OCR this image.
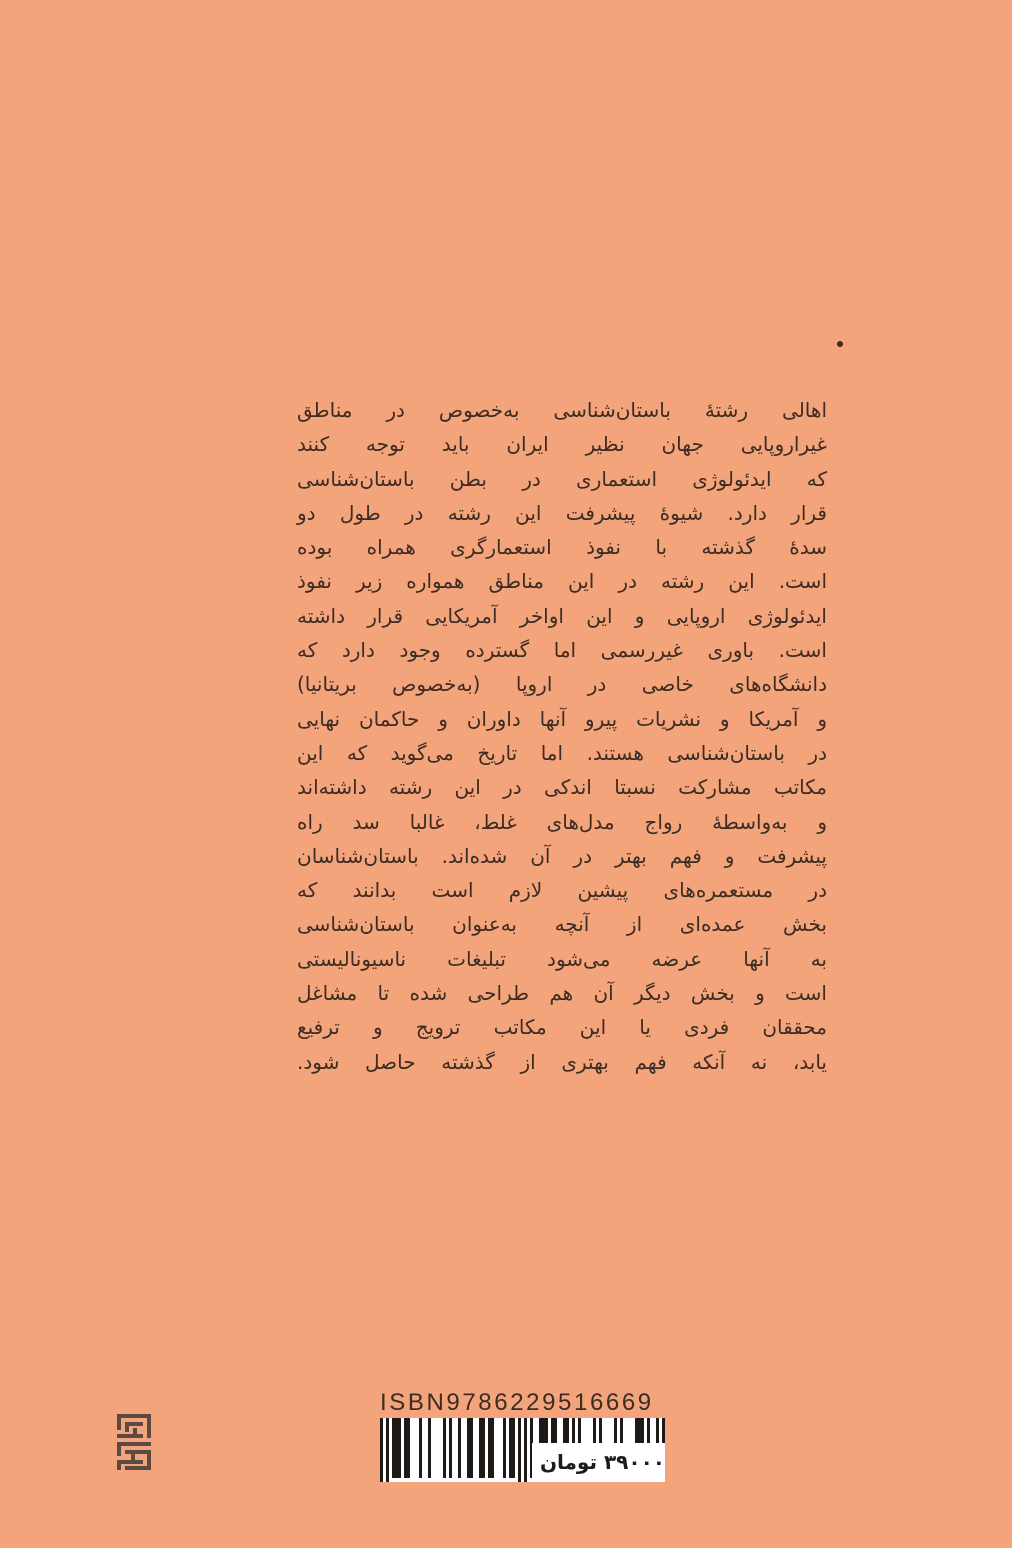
اهالی رشتهٔ باستان‌شناسی به‌خصوص در مناطق
غیراروپایی جهان نظیر ایران باید توجه کنند
که ایدئولوژی استعماری در بطن باستان‌شناسی
قرار دارد. شیوهٔ پیشرفت این رشته در طول دو
سدهٔ گذشته با نفوذ استعمارگری همراه بوده
است. این رشته در این مناطق همواره زیر نفوذ
ایدئولوژی اروپایی و این اواخر آمریکایی قرار داشته
است. باوری غیررسمی اما گسترده وجود دارد که
دانشگاه‌های خاصی در اروپا (به‌خصوص بریتانیا)
و آمریکا و نشریات پیرو آنها داوران و حاکمان نهایی
در باستان‌شناسی هستند. اما تاریخ می‌گوید که این
مکاتب مشارکت نسبتا اندکی در این رشته داشته‌اند
و به‌واسطهٔ رواج مدل‌های غلط، غالبا سد راه
پیشرفت و فهم بهتر در آن شده‌اند. باستان‌شناسان
در مستعمره‌های پیشین لازم است بدانند که
بخش عمده‌ای از آنچه به‌عنوان باستان‌شناسی
به آنها عرضه می‌شود تبلیغات ناسیونالیستی
است و بخش دیگر آن هم طراحی شده تا مشاغل
محققان فردی یا این مکاتب ترویج و ترفیع
یابد، نه آنکه فهم بهتری از گذشته حاصل شود.
ISBN9786229516669
۳۹۰۰۰ تومان
